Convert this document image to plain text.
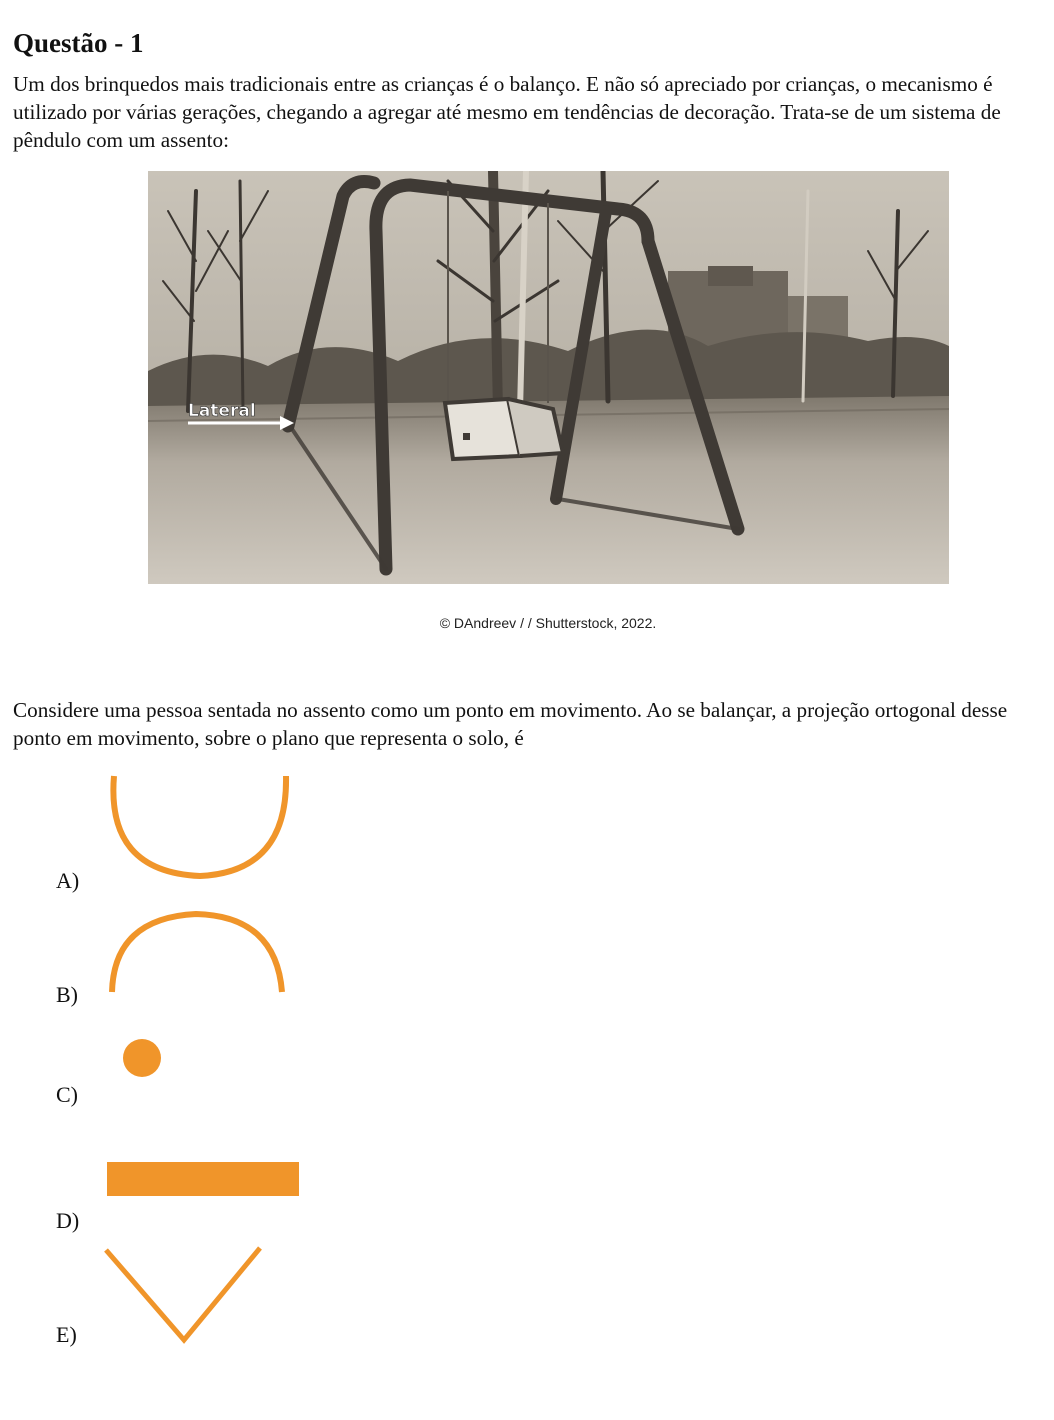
Questão - 1

Um dos brinquedos mais tradicionais entre as crianças é o balanço. E não só apreciado por crianças, o mecanismo é utilizado por várias gerações, chegando a agregar até mesmo em tendências de decoração. Trata-se de um sistema de pêndulo com um assento:

Lateral
© DAndreev / / Shutterstock, 2022.

Considere uma pessoa sentada no assento como um ponto em movimento. Ao se balançar, a projeção ortogonal desse ponto em movimento, sobre o plano que representa o solo, é

A)
B)
C)
D)
E)
